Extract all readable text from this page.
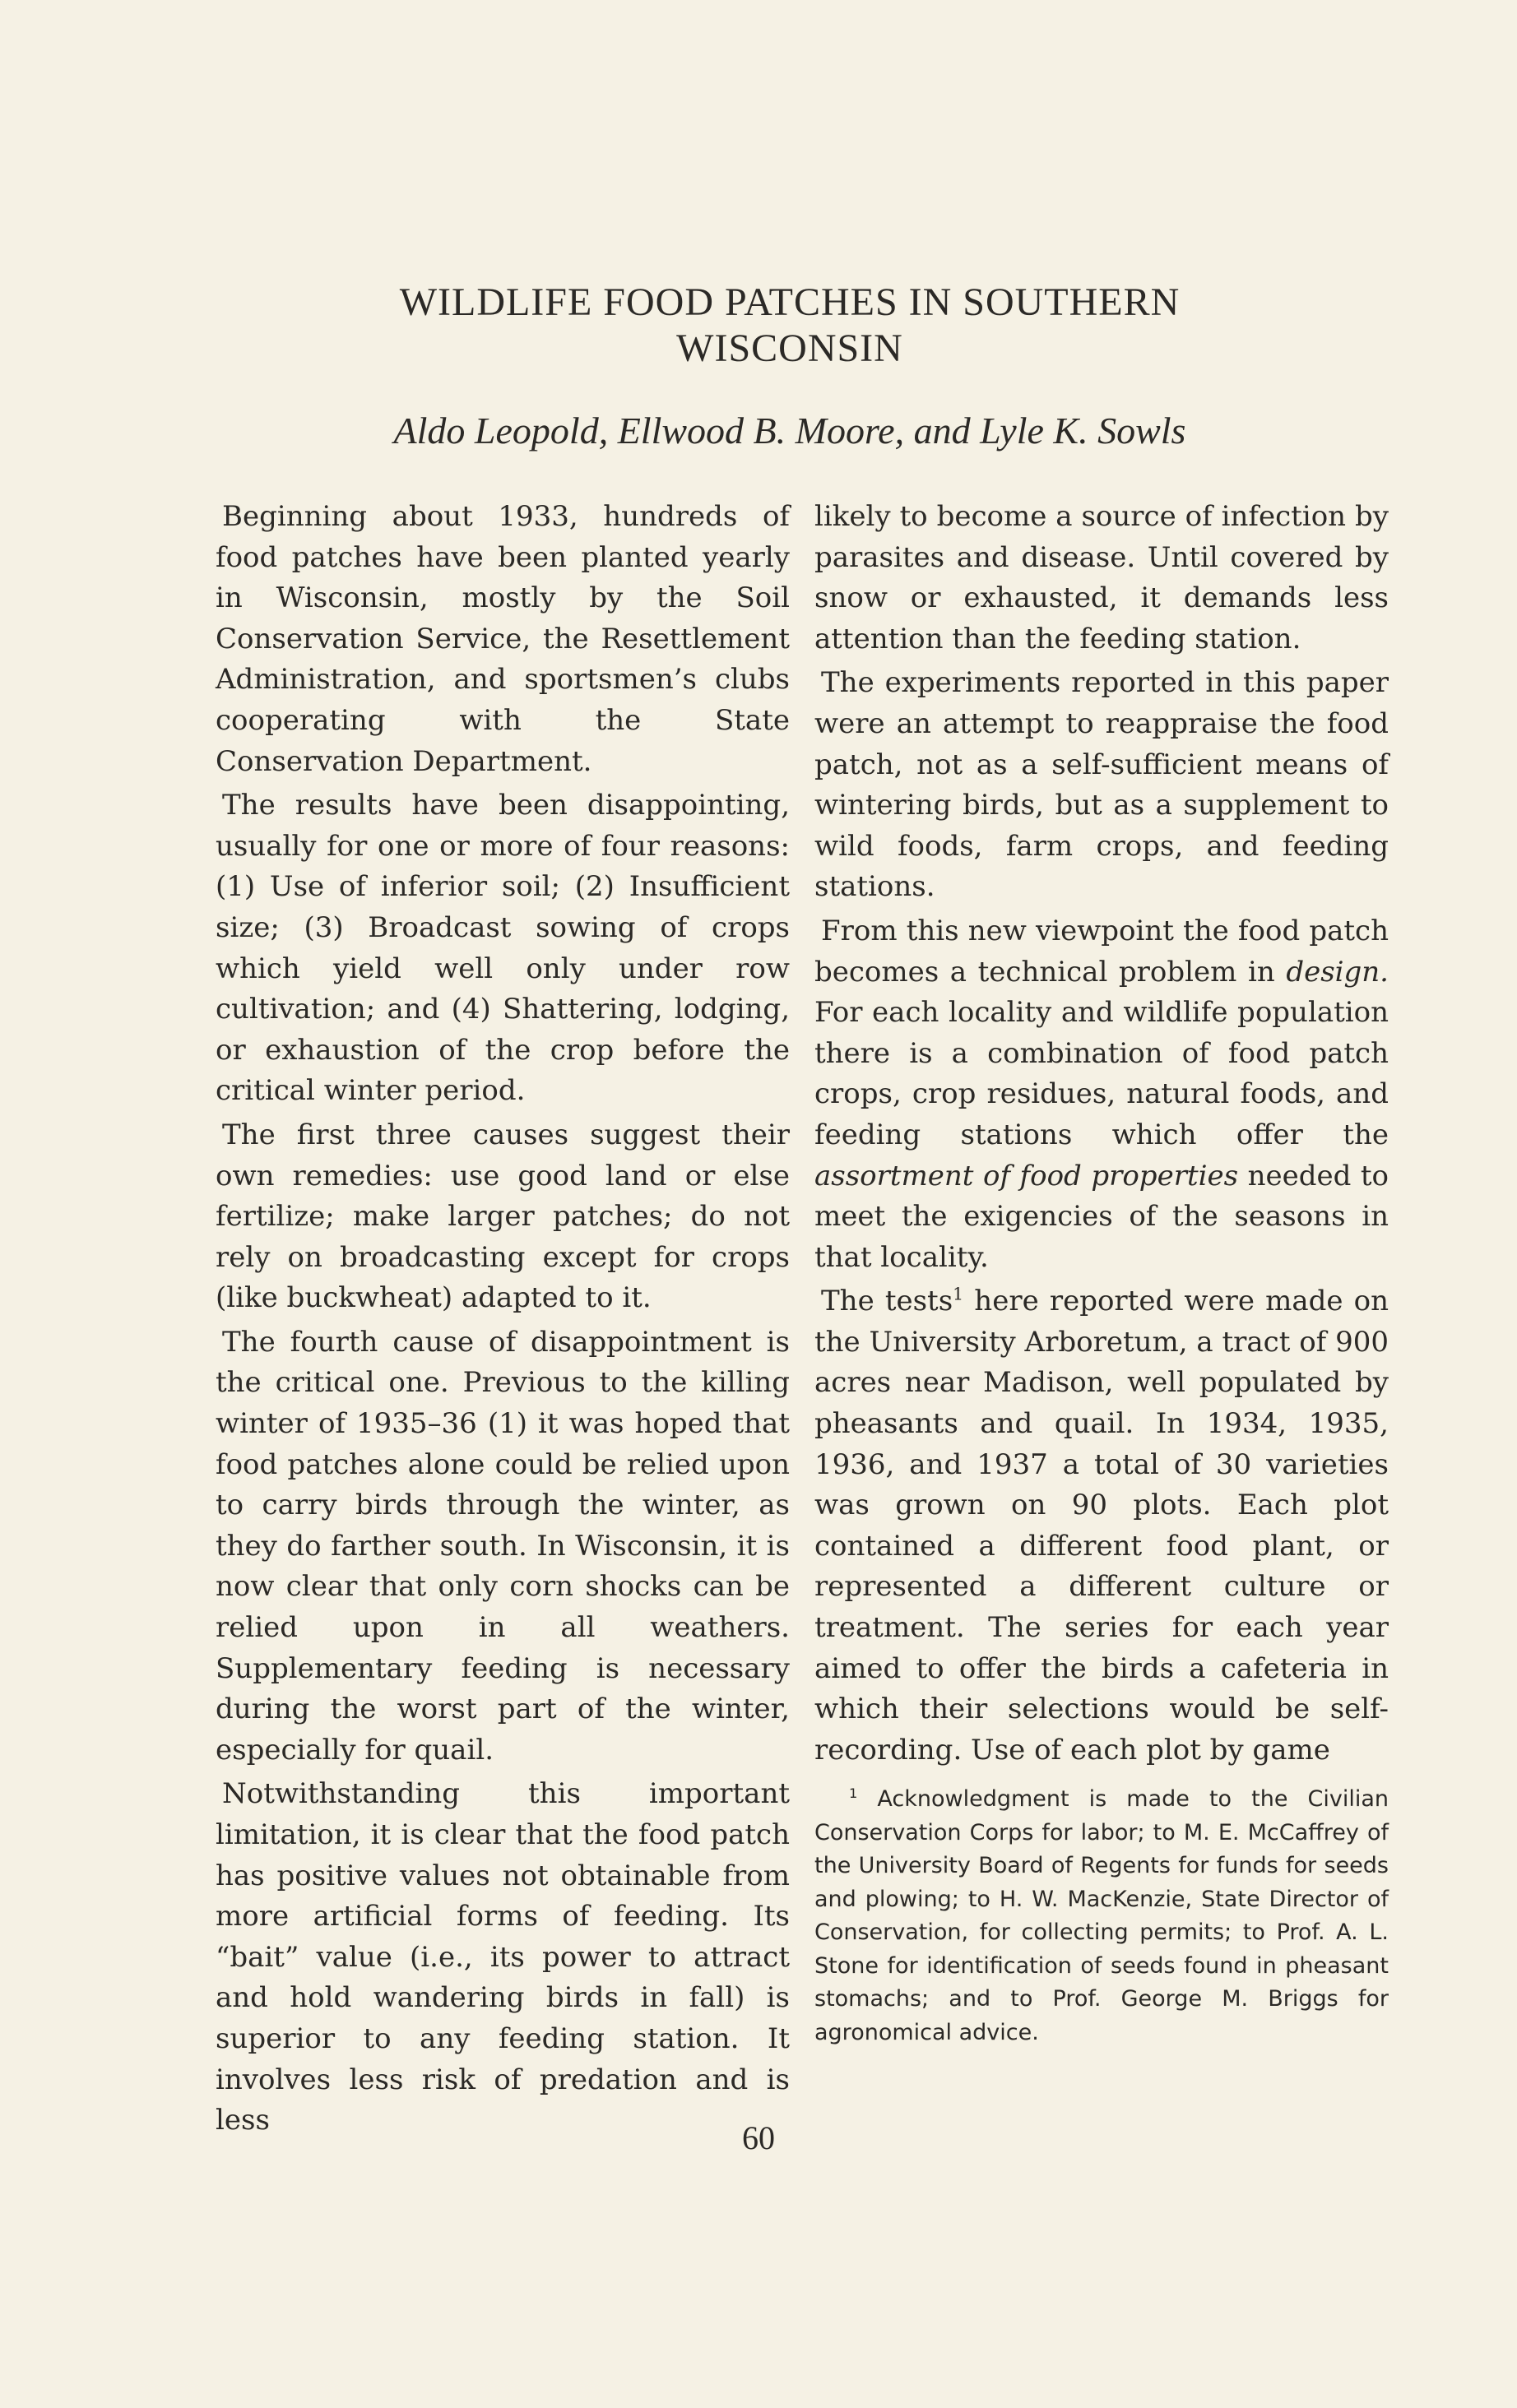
WILDLIFE FOOD PATCHES IN SOUTHERN
WISCONSIN

Aldo Leopold, Ellwood B. Moore, and Lyle K. Sowls

Beginning about 1933, hundreds of food patches have been planted yearly in Wisconsin, mostly by the Soil Conservation Service, the Resettlement Administration, and sportsmen’s clubs cooperating with the State Conservation Department.

The results have been disappointing, usually for one or more of four reasons: (1) Use of inferior soil; (2) Insufficient size; (3) Broadcast sowing of crops which yield well only under row cultivation; and (4) Shattering, lodging, or exhaustion of the crop before the critical winter period.

The first three causes suggest their own remedies: use good land or else fertilize; make larger patches; do not rely on broadcasting except for crops (like buckwheat) adapted to it.

The fourth cause of disappointment is the critical one. Previous to the killing winter of 1935–36 (1) it was hoped that food patches alone could be relied upon to carry birds through the winter, as they do farther south. In Wisconsin, it is now clear that only corn shocks can be relied upon in all weathers. Supplementary feeding is necessary during the worst part of the winter, especially for quail.

Notwithstanding this important limitation, it is clear that the food patch has positive values not obtainable from more artificial forms of feeding. Its “bait” value (i.e., its power to attract and hold wandering birds in fall) is superior to any feeding station. It involves less risk of predation and is less

likely to become a source of infection by parasites and disease. Until covered by snow or exhausted, it demands less attention than the feeding station.

The experiments reported in this paper were an attempt to reappraise the food patch, not as a self-sufficient means of wintering birds, but as a supplement to wild foods, farm crops, and feeding stations.

From this new viewpoint the food patch becomes a technical problem in design. For each locality and wildlife population there is a combination of food patch crops, crop residues, natural foods, and feeding stations which offer the assortment of food properties needed to meet the exigencies of the seasons in that locality.

The tests$^1$ here reported were made on the University Arboretum, a tract of 900 acres near Madison, well populated by pheasants and quail. In 1934, 1935, 1936, and 1937 a total of 30 varieties was grown on 90 plots. Each plot contained a different food plant, or represented a different culture or treatment. The series for each year aimed to offer the birds a cafeteria in which their selections would be self-recording. Use of each plot by game

$^1$ Acknowledgment is made to the Civilian Conservation Corps for labor; to M. E. McCaffrey of the University Board of Regents for funds for seeds and plowing; to H. W. MacKenzie, State Director of Conservation, for collecting permits; to Prof. A. L. Stone for identification of seeds found in pheasant stomachs; and to Prof. George M. Briggs for agronomical advice.

60
